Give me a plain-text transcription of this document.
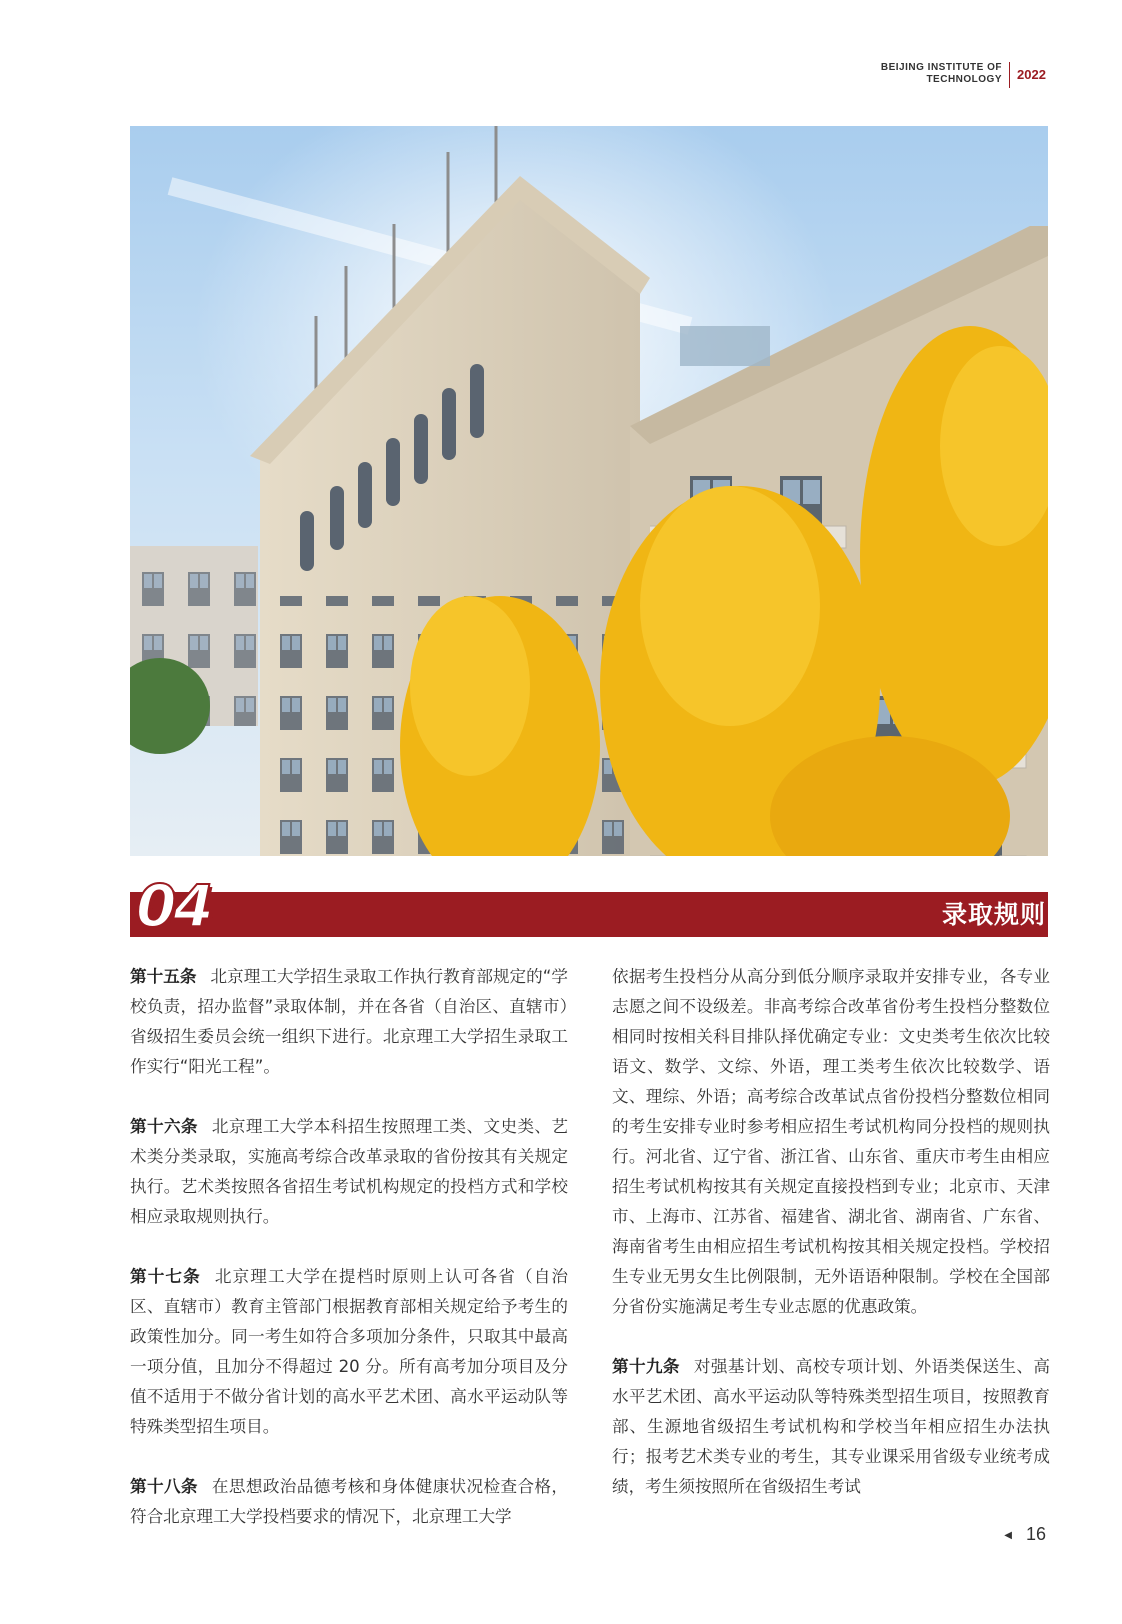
BEIJING INSTITUTE OF
TECHNOLOGY 2022
04	录取规则

第十五条 北京理工大学招生录取工作执行教育部规定的“学校负责，招办监督”录取体制，并在各省（自治区、直辖市）省级招生委员会统一组织下进行。北京理工大学招生录取工作实行“阳光工程”。

第十六条 北京理工大学本科招生按照理工类、文史类、艺术类分类录取，实施高考综合改革录取的省份按其有关规定执行。艺术类按照各省招生考试机构规定的投档方式和学校相应录取规则执行。

第十七条 北京理工大学在提档时原则上认可各省（自治区、直辖市）教育主管部门根据教育部相关规定给予考生的政策性加分。同一考生如符合多项加分条件，只取其中最高一项分值，且加分不得超过 20 分。所有高考加分项目及分值不适用于不做分省计划的高水平艺术团、高水平运动队等特殊类型招生项目。

第十八条 在思想政治品德考核和身体健康状况检查合格，符合北京理工大学投档要求的情况下，北京理工大学

依据考生投档分从高分到低分顺序录取并安排专业，各专业志愿之间不设级差。非高考综合改革省份考生投档分整数位相同时按相关科目排队择优确定专业：文史类考生依次比较语文、数学、文综、外语，理工类考生依次比较数学、语文、理综、外语；高考综合改革试点省份投档分整数位相同的考生安排专业时参考相应招生考试机构同分投档的规则执行。河北省、辽宁省、浙江省、山东省、重庆市考生由相应招生考试机构按其有关规定直接投档到专业；北京市、天津市、上海市、江苏省、福建省、湖北省、湖南省、广东省、海南省考生由相应招生考试机构按其相关规定投档。学校招生专业无男女生比例限制，无外语语种限制。学校在全国部分省份实施满足考生专业志愿的优惠政策。

第十九条 对强基计划、高校专项计划、外语类保送生、高水平艺术团、高水平运动队等特殊类型招生项目，按照教育部、生源地省级招生考试机构和学校当年相应招生办法执行；报考艺术类专业的考生，其专业课采用省级专业统考成绩，考生须按照所在省级招生考试

◀ 16
